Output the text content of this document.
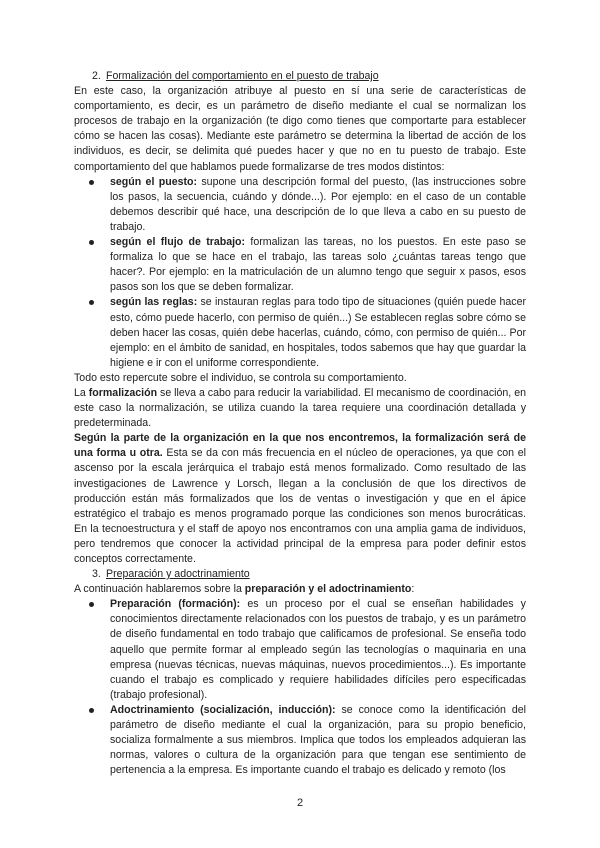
2. Formalización del comportamiento en el puesto de trabajo

En este caso, la organización atribuye al puesto en sí una serie de características de comportamiento, es decir, es un parámetro de diseño mediante el cual se normalizan los procesos de trabajo en la organización (te digo como tienes que comportarte para establecer cómo se hacen las cosas). Mediante este parámetro se determina la libertad de acción de los individuos, es decir, se delimita qué puedes hacer y que no en tu puesto de trabajo. Este comportamiento del que hablamos puede formalizarse de tres modos distintos:

según el puesto: supone una descripción formal del puesto, (las instrucciones sobre los pasos, la secuencia, cuándo y dónde...). Por ejemplo: en el caso de un contable debemos describir qué hace, una descripción de lo que lleva a cabo en su puesto de trabajo.
según el flujo de trabajo: formalizan las tareas, no los puestos. En este paso se formaliza lo que se hace en el trabajo, las tareas solo ¿cuántas tareas tengo que hacer?. Por ejemplo: en la matriculación de un alumno tengo que seguir x pasos, esos pasos son los que se deben formalizar.
según las reglas: se instauran reglas para todo tipo de situaciones (quién puede hacer esto, cómo puede hacerlo, con permiso de quién...) Se establecen reglas sobre cómo se deben hacer las cosas, quién debe hacerlas, cuándo, cómo, con permiso de quién... Por ejemplo: en el ámbito de sanidad, en hospitales, todos sabemos que hay que guardar la higiene e ir con el uniforme correspondiente.

Todo esto repercute sobre el individuo, se controla su comportamiento.

La formalización se lleva a cabo para reducir la variabilidad. El mecanismo de coordinación, en este caso la normalización, se utiliza cuando la tarea requiere una coordinación detallada y predeterminada.

Según la parte de la organización en la que nos encontremos, la formalización será de una forma u otra. Esta se da con más frecuencia en el núcleo de operaciones, ya que con el ascenso por la escala jerárquica el trabajo está menos formalizado. Como resultado de las investigaciones de Lawrence y Lorsch, llegan a la conclusión de que los directivos de producción están más formalizados que los de ventas o investigación y que en el ápice estratégico el trabajo es menos programado porque las condiciones son menos burocráticas. En la tecnoestructura y el staff de apoyo nos encontramos con una amplia gama de individuos, pero tendremos que conocer la actividad principal de la empresa para poder definir estos conceptos correctamente.

3. Preparación y adoctrinamiento

A continuación hablaremos sobre la preparación y el adoctrinamiento:

Preparación (formación): es un proceso por el cual se enseñan habilidades y conocimientos directamente relacionados con los puestos de trabajo, y es un parámetro de diseño fundamental en todo trabajo que calificamos de profesional. Se enseña todo aquello que permite formar al empleado según las tecnologías o maquinaria en una empresa (nuevas técnicas, nuevas máquinas, nuevos procedimientos...). Es importante cuando el trabajo es complicado y requiere habilidades difíciles pero especificadas (trabajo profesional).
Adoctrinamiento (socialización, inducción): se conoce como la identificación del parámetro de diseño mediante el cual la organización, para su propio beneficio, socializa formalmente a sus miembros. Implica que todos los empleados adquieran las normas, valores o cultura de la organización para que tengan ese sentimiento de pertenencia a la empresa. Es importante cuando el trabajo es delicado y remoto (los
2
